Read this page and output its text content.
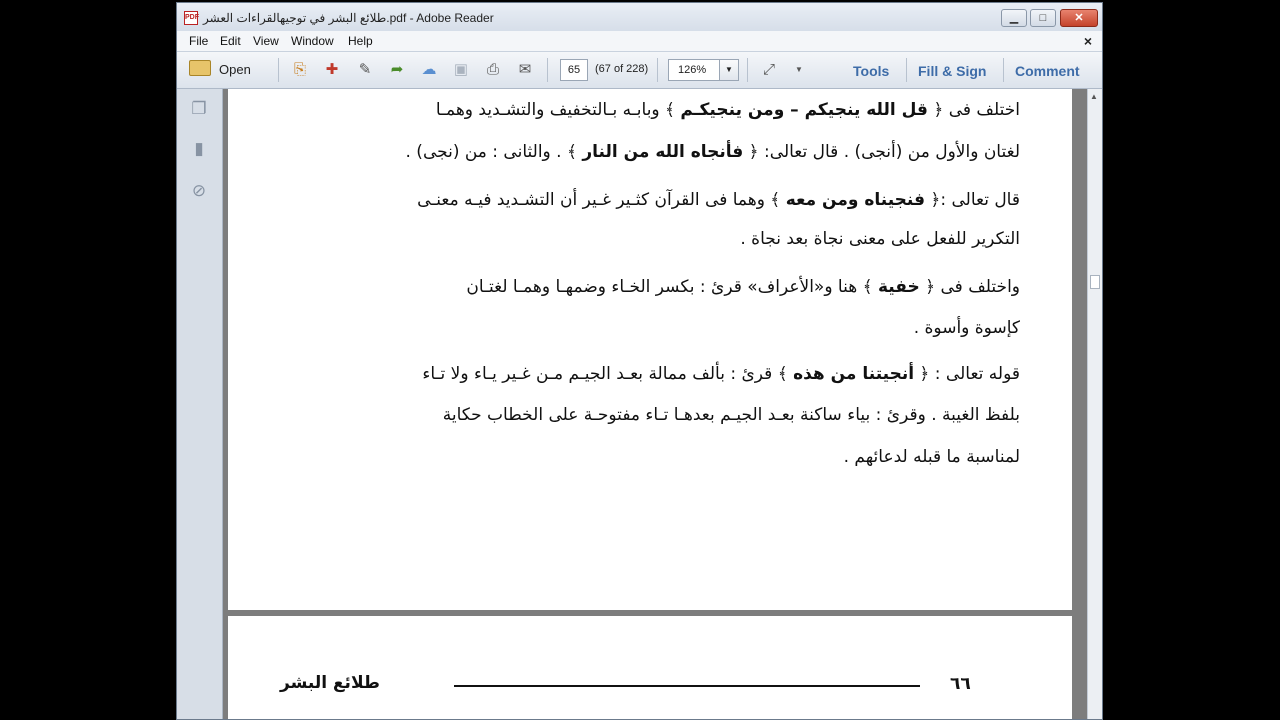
PDF طلائع البشر في توجيهالقراءات العشر.pdf - Adobe Reader	▁	□	✕
File Edit View Window Help	×
Open	⎘ ✚ ✎ ➦ ☁ ▣ ⎙ ✉
65	(67 of 228)	126%	▼	⤢	▼	Tools Fill & Sign Comment
❐
▮
⊘
اختلف فى ﴿ قل الله ينجيكم – ومن ينجيكـم ﴾ وبابـه بـالتخفيف والتشـديد وهمـا
لغتان والأول من (أنجى) . قال تعالى: ﴿ فأنجاه الله من النار ﴾ . والثانى : من (نجى) .
قال تعالى :﴿ فنجيناه ومن معه ﴾ وهما فى القرآن كثـير غـير أن التشـديد فيـه معنـى
التكرير للفعل على معنى نجاة بعد نجاة .
واختلف فى ﴿ خفية ﴾ هنا و«الأعراف» قرئ : بكسر الخـاء وضمهـا وهمـا لغتـان
كإسوة وأسوة .
قوله تعالى : ﴿ أنجيتنا من هذه ﴾ قرئ : بألف ممالة بعـد الجيـم مـن غـير يـاء ولا تـاء
بلفظ الغيبة . وقرئ : بياء ساكنة بعـد الجيـم بعدهـا تـاء مفتوحـة على الخطاب حكاية
لمناسبة ما قبله لدعائهم .
طلائع البشر	٦٦
▲
